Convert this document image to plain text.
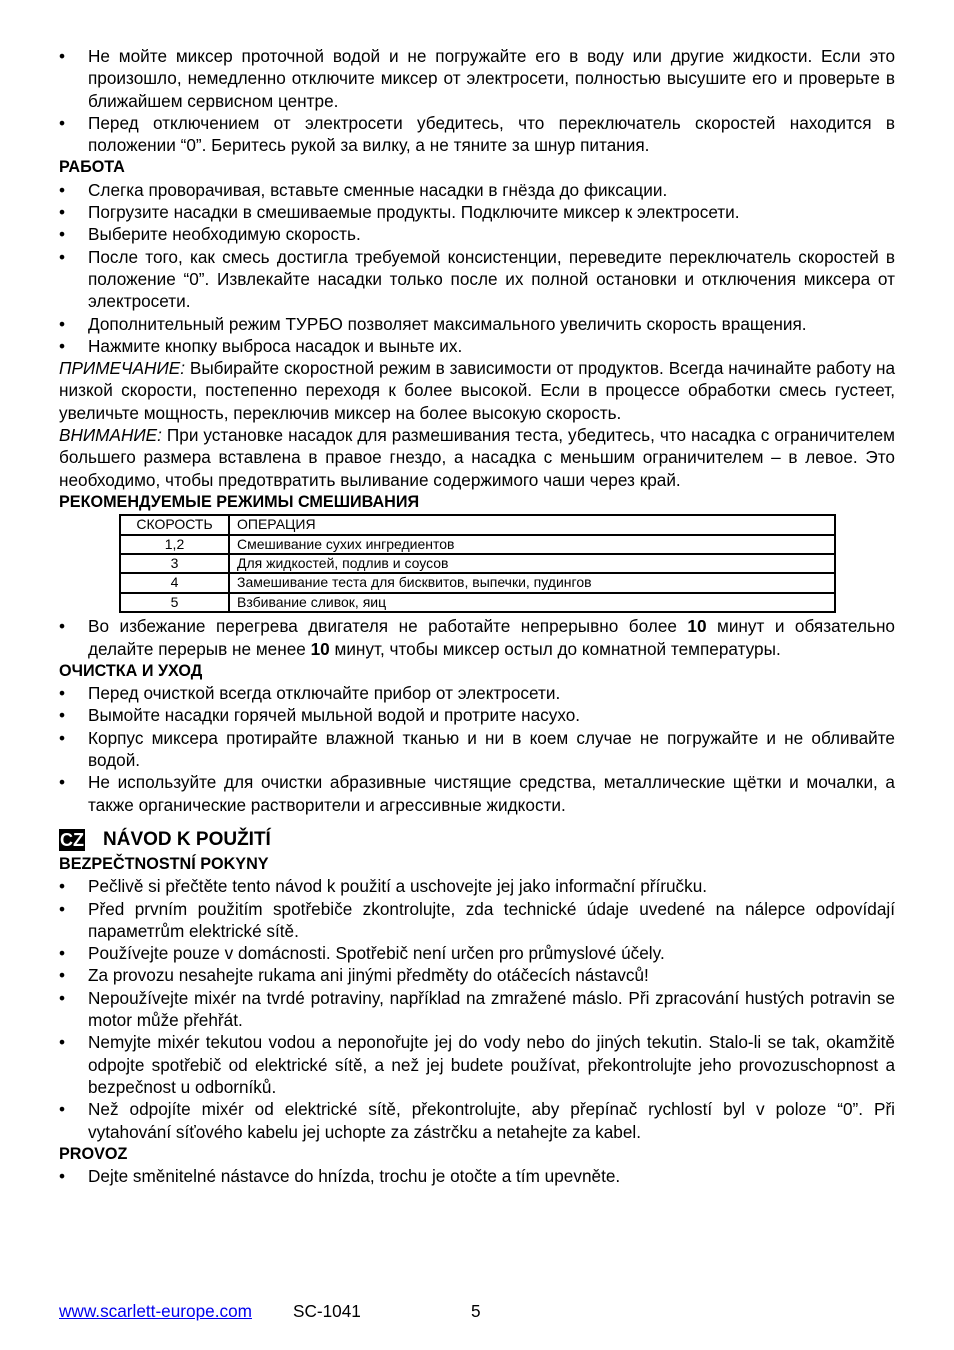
• Не мойте миксер проточной водой и не погружайте его в воду или другие жидкости. Если это произошло, немедленно отключите миксер от электросети, полностью высушите его и проверьте в ближайшем сервисном центре.
• Перед отключением от электросети убедитесь, что переключатель скоростей находится в положении “0”. Беритесь рукой за вилку, а не тяните за шнур питания.
РАБОТА
• Слегка проворачивая, вставьте сменные насадки в гнёзда до фиксации.
• Погрузите насадки в смешиваемые продукты. Подключите миксер к электросети.
• Выберите необходимую скорость.
• После того, как смесь достигла требуемой консистенции, переведите переключатель скоростей в положение “0”. Извлекайте насадки только после их полной остановки и отключения миксера от электросети.
• Дополнительный режим ТУРБО позволяет максимального увеличить скорость вращения.
• Нажмите кнопку выброса насадок и выньте их.

ПРИМЕЧАНИЕ: Выбирайте скоростной режим в зависимости от продуктов. Всегда начинайте работу на низкой скорости, постепенно переходя к более высокой. Если в процессе обработки смесь густеет, увеличьте мощность, переключив миксер на более высокую скорость.

ВНИМАНИЕ: При установке насадок для размешивания теста, убедитесь, что насадка с ограничителем большего размера вставлена в правое гнездо, а насадка с меньшим ограничителем – в левое. Это необходимо, чтобы предотвратить выливание содержимого чаши через край.

РЕКОМЕНДУЕМЫЕ РЕЖИМЫ СМЕШИВАНИЯ
СКОРОСТЬ	ОПЕРАЦИЯ
1,2	Смешивание сухих ингредиентов
3	Для жидкостей, подлив и соусов
4	Замешивание теста для бисквитов, выпечки, пудингов
5	Взбивание сливок, яиц
• Во избежание перегрева двигателя не работайте непрерывно более 10 минут и обязательно делайте перерыв не менее 10 минут, чтобы миксер остыл до комнатной температуры.
ОЧИСТКА И УХОД
• Перед очисткой всегда отключайте прибор от электросети.
• Вымойте насадки горячей мыльной водой и протрите насухо.
• Корпус миксера протирайте влажной тканью и ни в коем случае не погружайте и не обливайте водой.
• Не используйте для очистки абразивные чистящие средства, металлические щётки и мочалки, а также органические растворители и агрессивные жидкости.
CZ NÁVOD K POUŽITÍ
BEZPEČTNOSTNÍ POKYNY
• Pečlivě si přečtěte tento návod k použití a uschovejte jej jako informační příručku.
• Před prvním použitím spotřebiče zkontrolujte, zda technické údaje uvedené na nálepce odpovídají параметrům elektrické sítě.
• Používejte pouze v domácnosti. Spotřebič není určen pro průmyslové účely.
• Za provozu nesahejte rukama ani jinými předměty do otáčecích nástavců!
• Nepoužívejte mixér na tvrdé potraviny, například na zmražené máslo. Při zpracování hustých potravin se motor může přehřát.
• Nemyjte mixér tekutou vodou a neponořujte jej do vody nebo do jiných tekutin. Stalo-li se tak, okamžitě odpojte spotřebič od elektrické sítě, a než jej budete používat, překontrolujte jeho provozuschopnost a bezpečnost u odborníků.
• Než odpojíte mixér od elektrické sítě, překontrolujte, aby přepínač rychlostí byl v poloze “0”. Při vytahování síťového kabelu jej uchopte za zástrčku a netahejte za kabel.
PROVOZ
• Dejte směnitelné nástavce do hnízda, trochu je otočte a tím upevněte.
www.scarlett-europe.com SC-1041	5
